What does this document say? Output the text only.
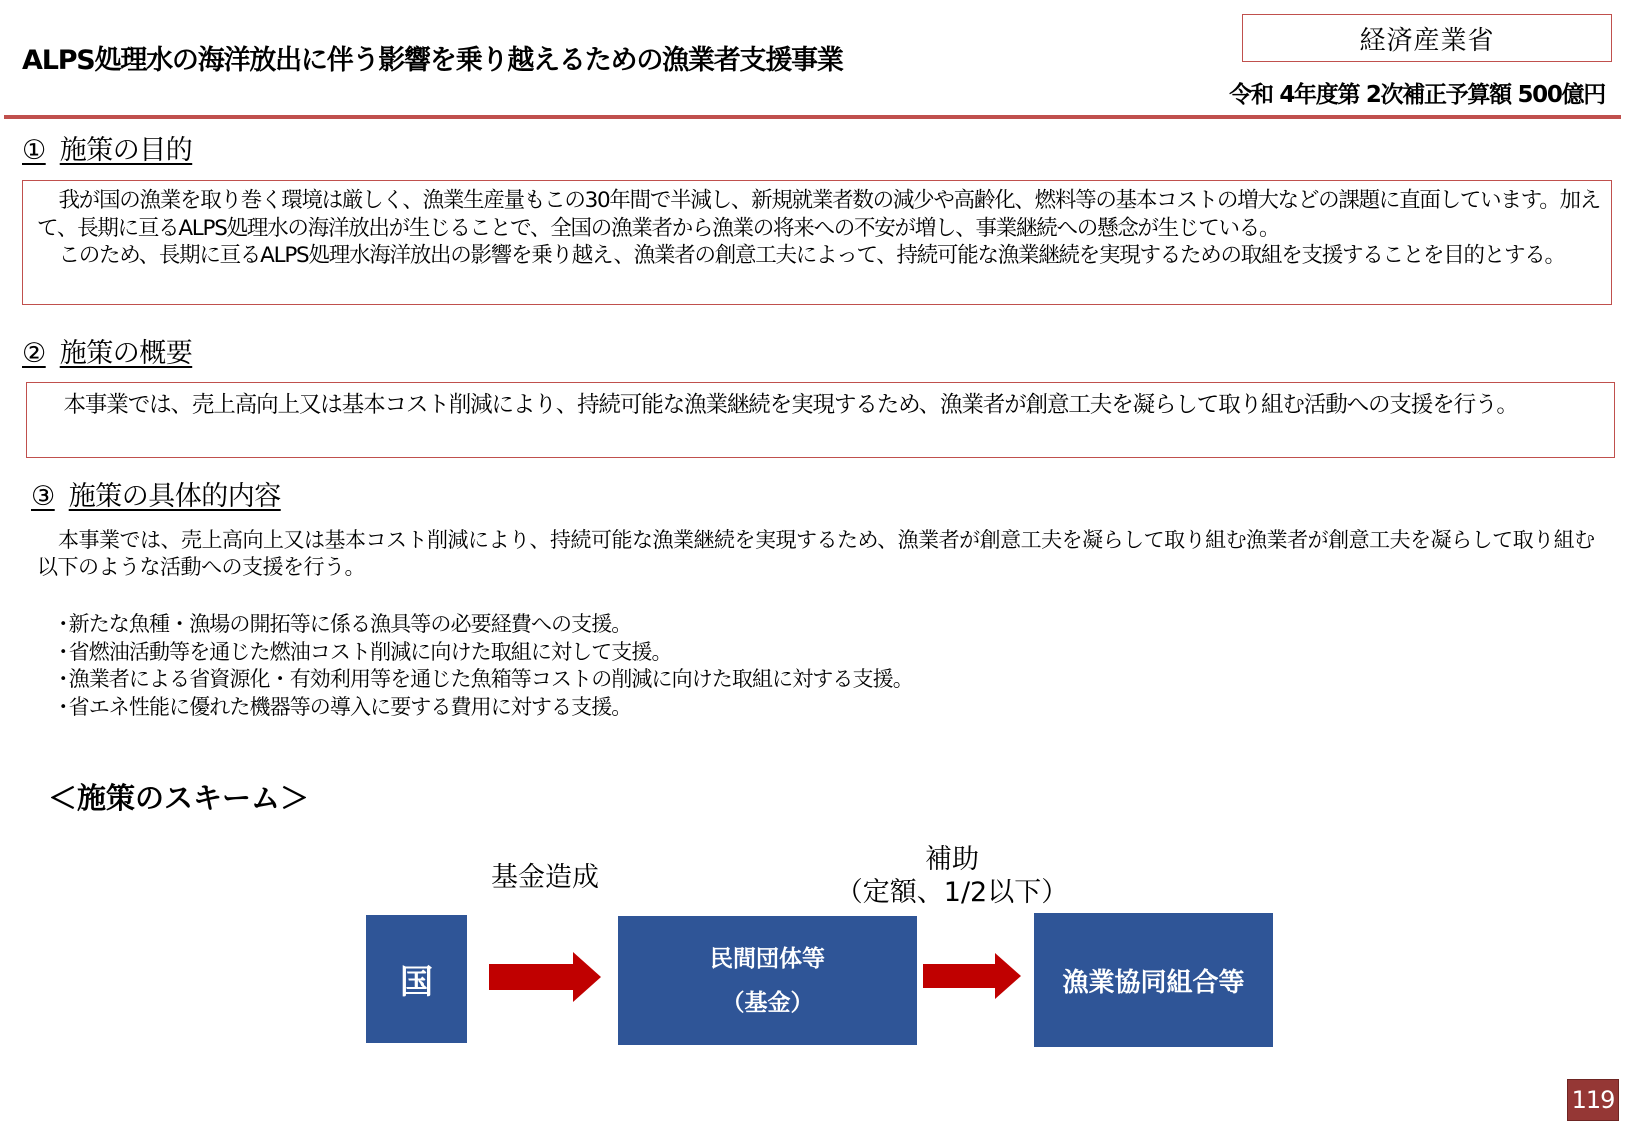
ALPS処理水の海洋放出に伴う影響を乗り越えるための漁業者支援事業
経済産業省
令和 4年度第 2次補正予算額 500億円
① 施策の目的

我が国の漁業を取り巻く環境は厳しく、漁業生産量もこの30年間で半減し、新規就業者数の減少や高齢化、燃料等の基本コストの増大などの課題に直面しています。加えて、長期に亘るALPS処理水の海洋放出が生じることで、全国の漁業者から漁業の将来への不安が増し、事業継続への懸念が生じている。

このため、長期に亘るALPS処理水海洋放出の影響を乗り越え、漁業者の創意工夫によって、持続可能な漁業継続を実現するための取組を支援することを目的とする。

② 施策の概要

本事業では、売上高向上又は基本コスト削減により、持続可能な漁業継続を実現するため、漁業者が創意工夫を凝らして取り組む活動への支援を行う。

③ 施策の具体的内容

本事業では、売上高向上又は基本コスト削減により、持続可能な漁業継続を実現するため、漁業者が創意工夫を凝らして取り組む漁業者が創意工夫を凝らして取り組む以下のような活動への支援を行う。

･新たな魚種・漁場の開拓等に係る漁具等の必要経費への支援。
･省燃油活動等を通じた燃油コスト削減に向けた取組に対して支援。
･漁業者による省資源化・有効利用等を通じた魚箱等コストの削減に向けた取組に対する支援。
･省エネ性能に優れた機器等の導入に要する費用に対する支援。
＜施策のスキーム＞
基金造成
補助
（定額、1/2以下）
国
民間団体等
（基金）
漁業協同組合等
119
